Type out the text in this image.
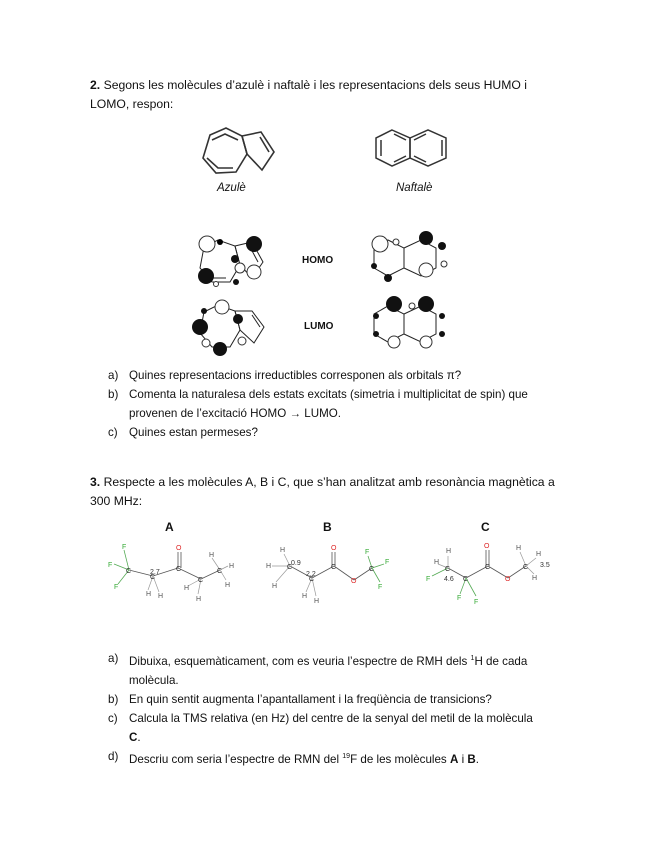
2. Segons les molècules d’azulè i naftalè i les representacions dels seus HUMO i
LOMO, respon:
Azulè	Naftalè
HOMO
LUMO
a) Quines representacions irreductibles corresponen als orbitals π?
b) Comenta la naturalesa dels estats excitats (simetria i multiplicitat de spin) que
provenen de l’excitació HOMO → LUMO.
c) Quines estan permeses?
3. Respecte a les molècules A, B i C, que s’han analitzat amb resonància magnètica a
300 MHz:
A	B	C
F
F
F
C
C
C
C
C
O
H H	H
H
H
H
H
2.7
H
H
H
C
C
C	C
O
O
F
F
F
H
H
0.9
2.2
H
H
F
C
C
C	C
O
O
F
F
H
H
H
4.6
3.5
a) Dibuixa, esquemàticament, com es veuria l’espectre de RMH dels $^1$H de cada
molècula.
b) En quin sentit augmenta l’apantallament i la freqüència de transicions?
c) Calcula la TMS relativa (en Hz) del centre de la senyal del metil de la molècula
C.
d) Descriu com seria l’espectre de RMN del $^{19}$F de les molècules A i B.
